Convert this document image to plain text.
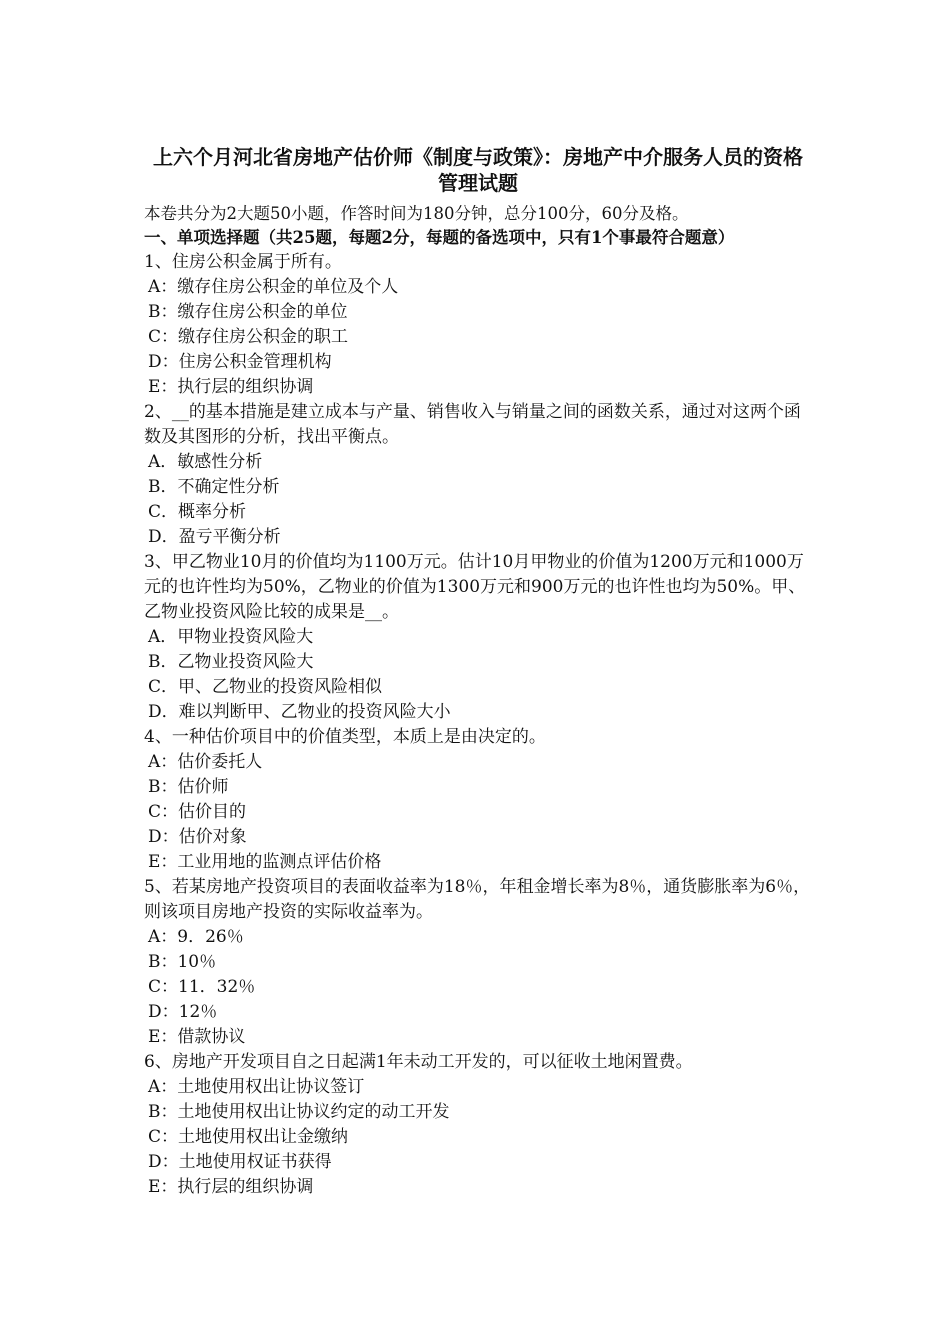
上六个月河北省房地产估价师《制度与政策》：房地产中介服务人员的资格管理试题
本卷共分为2大题50小题，作答时间为180分钟，总分100分，60分及格。
一、单项选择题（共25题，每题2分，每题的备选项中，只有1个事最符合题意）
1、住房公积金属于所有。
A：缴存住房公积金的单位及个人
B：缴存住房公积金的单位
C：缴存住房公积金的职工
D：住房公积金管理机构
E：执行层的组织协调
2、__的基本措施是建立成本与产量、销售收入与销量之间的函数关系，通过对这两个函数及其图形的分析，找出平衡点。
A．敏感性分析
B．不确定性分析
C．概率分析
D．盈亏平衡分析
3、甲乙物业10月的价值均为1100万元。估计10月甲物业的价值为1200万元和1000万元的也许性均为50%，乙物业的价值为1300万元和900万元的也许性也均为50%。甲、乙物业投资风险比较的成果是__。
A．甲物业投资风险大
B．乙物业投资风险大
C．甲、乙物业的投资风险相似
D．难以判断甲、乙物业的投资风险大小
4、一种估价项目中的价值类型，本质上是由决定的。
A：估价委托人
B：估价师
C：估价目的
D：估价对象
E：工业用地的监测点评估价格
5、若某房地产投资项目的表面收益率为18％，年租金增长率为8％，通货膨胀率为6％，则该项目房地产投资的实际收益率为。
A：9．26％
B：10％
C：11．32％
D：12％
E：借款协议
6、房地产开发项目自之日起满1年未动工开发的，可以征收土地闲置费。
A：土地使用权出让协议签订
B：土地使用权出让协议约定的动工开发
C：土地使用权出让金缴纳
D：土地使用权证书获得
E：执行层的组织协调
